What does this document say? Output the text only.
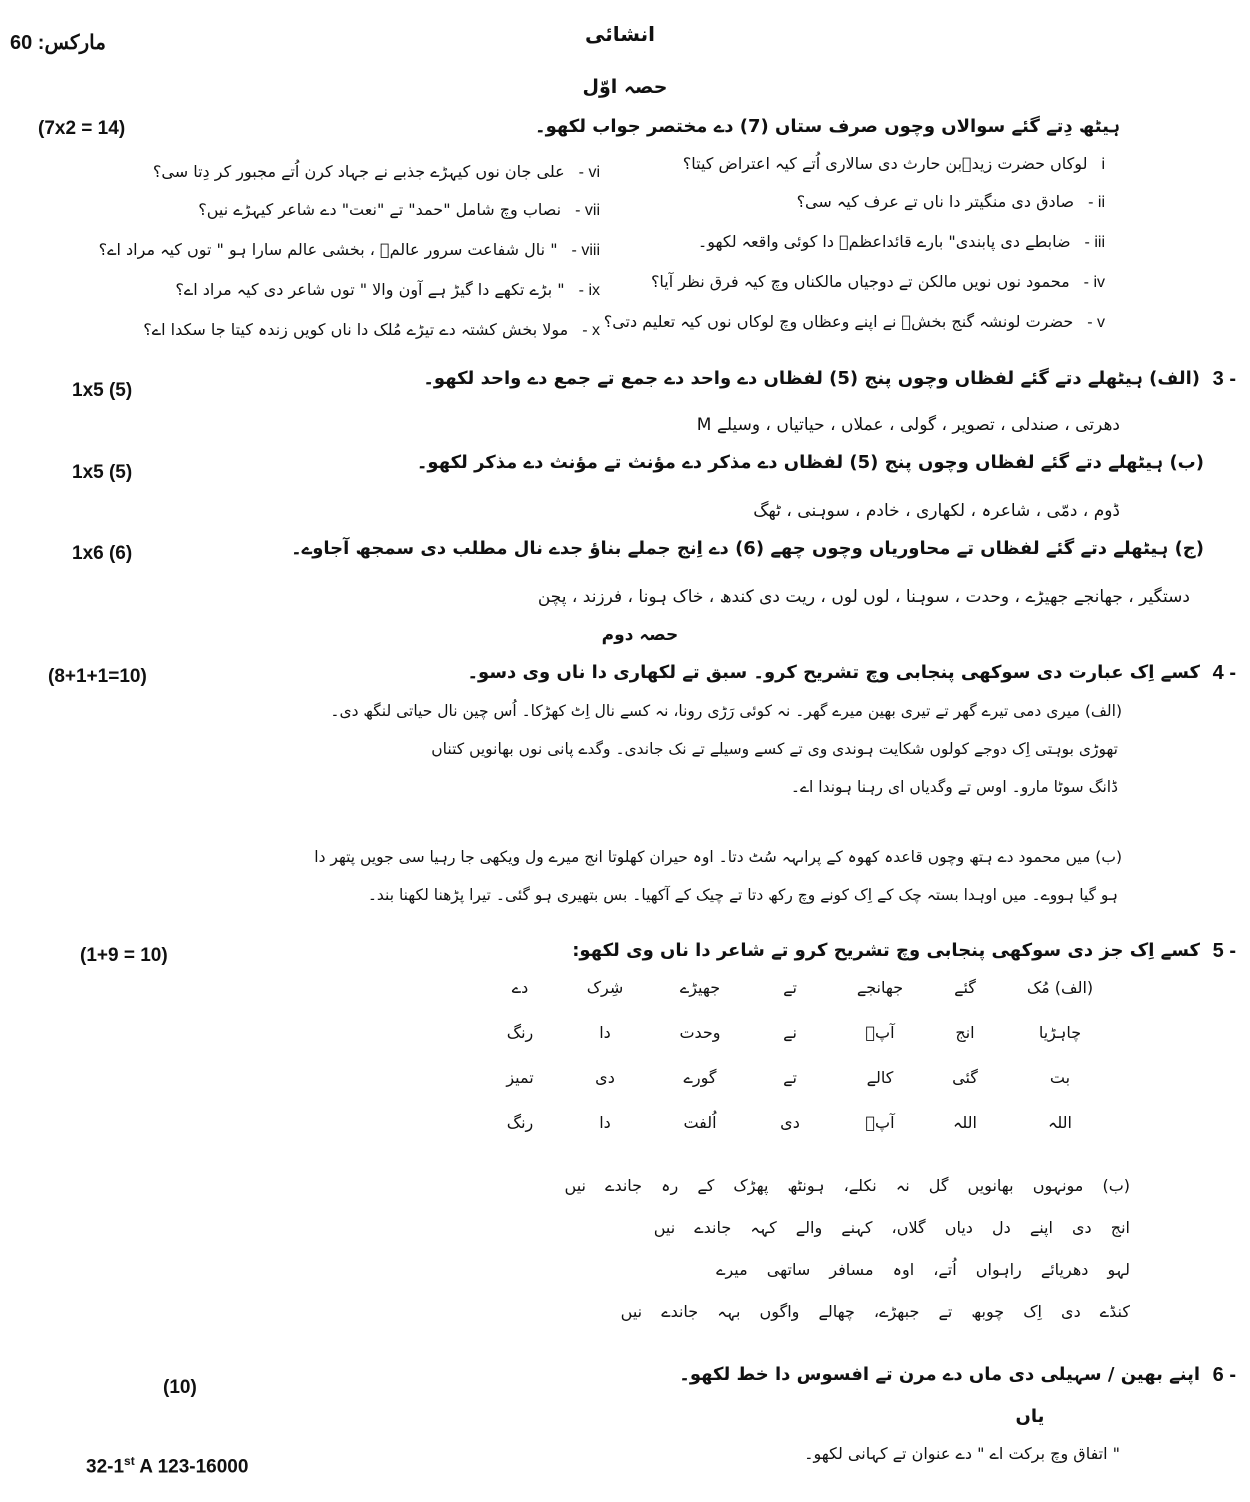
انشائی
مارکس: 60
حصہ اوّل
ہیٹھ دِتے گئے سوالاں وچوں صرف ستاں (7) دے مختصر جواب لکھو۔
(7x2 = 14)
i
لوکاں حضرت زیدؓبن حارث دی سالاری اُتے کیہ اعتراض کیتا؟
ii -
صادق دی منگیتر دا ناں تے عرف کیہ سی؟
iii -
ضابطے دی پابندی" بارے قائداعظمؒ دا کوئی واقعہ لکھو۔
iv -
محمود نوں نویں مالکن تے دوجیاں مالکناں وچ کیہ فرق نظر آیا؟
v -
حضرت لونشہ گنج بخشؒ نے اپنے وعظاں وچ لوکاں نوں کیہ تعلیم دتی؟
vi -
علی جان نوں کیہڑے جذبے نے جہاد کرن اُتے مجبور کر دِتا سی؟
vii -
نصاب وچ شامل "حمد" تے "نعت" دے شاعر کیہڑے نیں؟
viii -
" نال شفاعت سرور عالمؐ ، بخشی عالم سارا ہو " توں کیہ مراد اے؟
ix -
" بڑے تکھے دا گیڑ ہے آون والا " توں شاعر دی کیہ مراد اے؟
x -
مولا بخش کشتہ دے تیڑے مُلک دا ناں کویں زندہ کیتا جا سکدا اے؟
3 -
(الف) ہیٹھلے دتے گئے لفظاں وچوں پنج (5) لفظاں دے واحد دے جمع تے جمع دے واحد لکھو۔
1x5 (5)
M دھرتی ، صندلی ، تصویر ، گولی ، عملاں ، حیاتیاں ، وسیلے
(ب) ہیٹھلے دتے گئے لفظاں وچوں پنج (5) لفظاں دے مذکر دے مؤنث تے مؤنث دے مذکر لکھو۔
1x5 (5)
ڈوم ، دمّی ، شاعرہ ، لکھاری ، خادم ، سوہنی ، ٹھگ
(ج) ہیٹھلے دتے گئے لفظاں تے محاوریاں وچوں چھے (6) دے اِنج جملے بناؤ جدے نال مطلب دی سمجھ آجاوے۔
1x6 (6)
دستگیر ، جھانجے جھیڑے ، وحدت ، سوہنا ، لوں لوں ، ریت دی کندھ ، خاک ہونا ، فرزند ، پچن
حصہ دوم
4 -
کسے اِک عبارت دی سوکھی پنجابی وچ تشریح کرو۔ سبق تے لکھاری دا ناں وی دسو۔
(8+1+1=10)
(الف) میری دمی تیرے گھر تے تیری بھین میرے گھر۔ نہ کوئی رَڑی رونا، نہ کسے نال اِٹ کھڑکا۔ اُس چین نال حیاتی لنگھ دی۔
تھوڑی بوہتی اِک دوجے کولوں شکایت ہوندی وی تے کسے وسیلے تے نک جاندی۔ وگدے پانی نوں بھانویں کتناں
ڈانگ سوٹا مارو۔ اوس تے وگدیاں ای رہنا ہوندا اے۔
(ب) میں محمود دے ہتھ وچوں قاعدہ کھوہ کے پراںہہ سُٹ دتا۔ اوہ حیران کھلوتا انج میرے ول ویکھی جا رہیا سی جویں پتھر دا
ہو گیا ہووے۔ میں اوہدا بستہ چک کے اِک کونے وچ رکھ دتا تے چیک کے آکھیا۔ بس بتھیری ہو گئی۔ تیرا پڑھنا لکھنا بند۔
5 -
کسے اِک جز دی سوکھی پنجابی وچ تشریح کرو تے شاعر دا ناں وی لکھو:
(1+9 = 10)
(الف) مُک
گئے
جھانجے
تے
جھیڑے
شِرک
دے
چاہڑیا
انج
آپؐ
نے
وحدت
دا
رنگ
بت
گئی
کالے
تے
گورے
دی
تمیز
اللہ
اللہ
آپؐ
دی
اُلفت
دا
رنگ
(ب) مونہوں بھانویں گل نہ نکلے، ہونٹھ پھڑک کے رہ جاندے نیں
انج دی اپنے دل دیاں گلاں، کہنے والے کہہ جاندے نیں
لہو دھریائے راہواں اُتے، اوہ مسافر ساتھی میرے
کنڈے دی اِک چوبھ تے جبھڑے، چھالے واگوں بہہ جاندے نیں
6 -
اپنے بھین / سہیلی دی ماں دے مرن تے افسوس دا خط لکھو۔
(10)
یاں
" اتفاق وچ برکت اے " دے عنوان تے کہانی لکھو۔
32-1st A 123-16000
